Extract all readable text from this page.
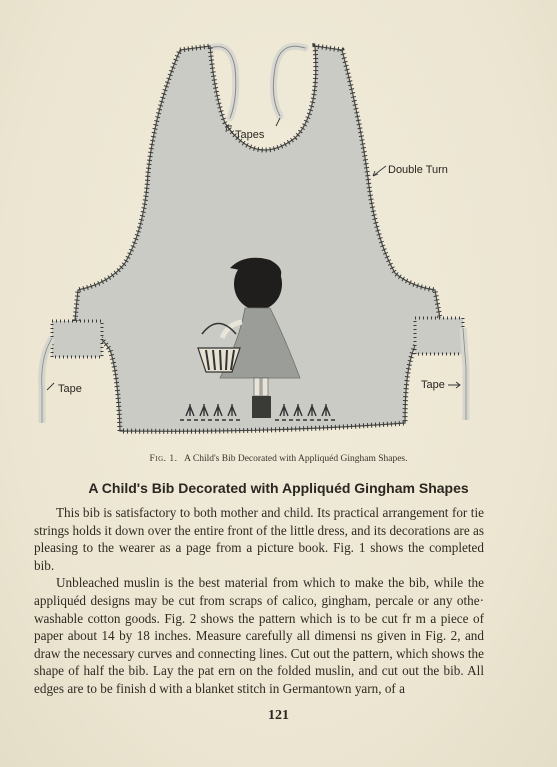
Tapes
Double Turn
Tape	Tape
Fig. 1. A Child's Bib Decorated with Appliquéd Gingham Shapes.
A Child's Bib Decorated with Appliquéd Gingham Shapes

This bib is satisfactory to both mother and child. Its practical arrangement for tie strings holds it down over the entire front of the little dress, and its decorations are as pleasing to the wearer as a page from a picture book. Fig. 1 shows the completed bib.

Unbleached muslin is the best material from which to make the bib, while the appliquéd designs may be cut from scraps of calico, gingham, percale or any othe· washable cotton goods. Fig. 2 shows the pattern which is to be cut fr m a piece of paper about 14 by 18 inches. Measure carefully all dimensi ns given in Fig. 2, and draw the necessary curves and connecting lines. Cut out the pattern, which shows the shape of half the bib. Lay the pat ern on the folded muslin, and cut out the bib. All edges are to be finish d with a blanket stitch in Germantown yarn, of a

121
